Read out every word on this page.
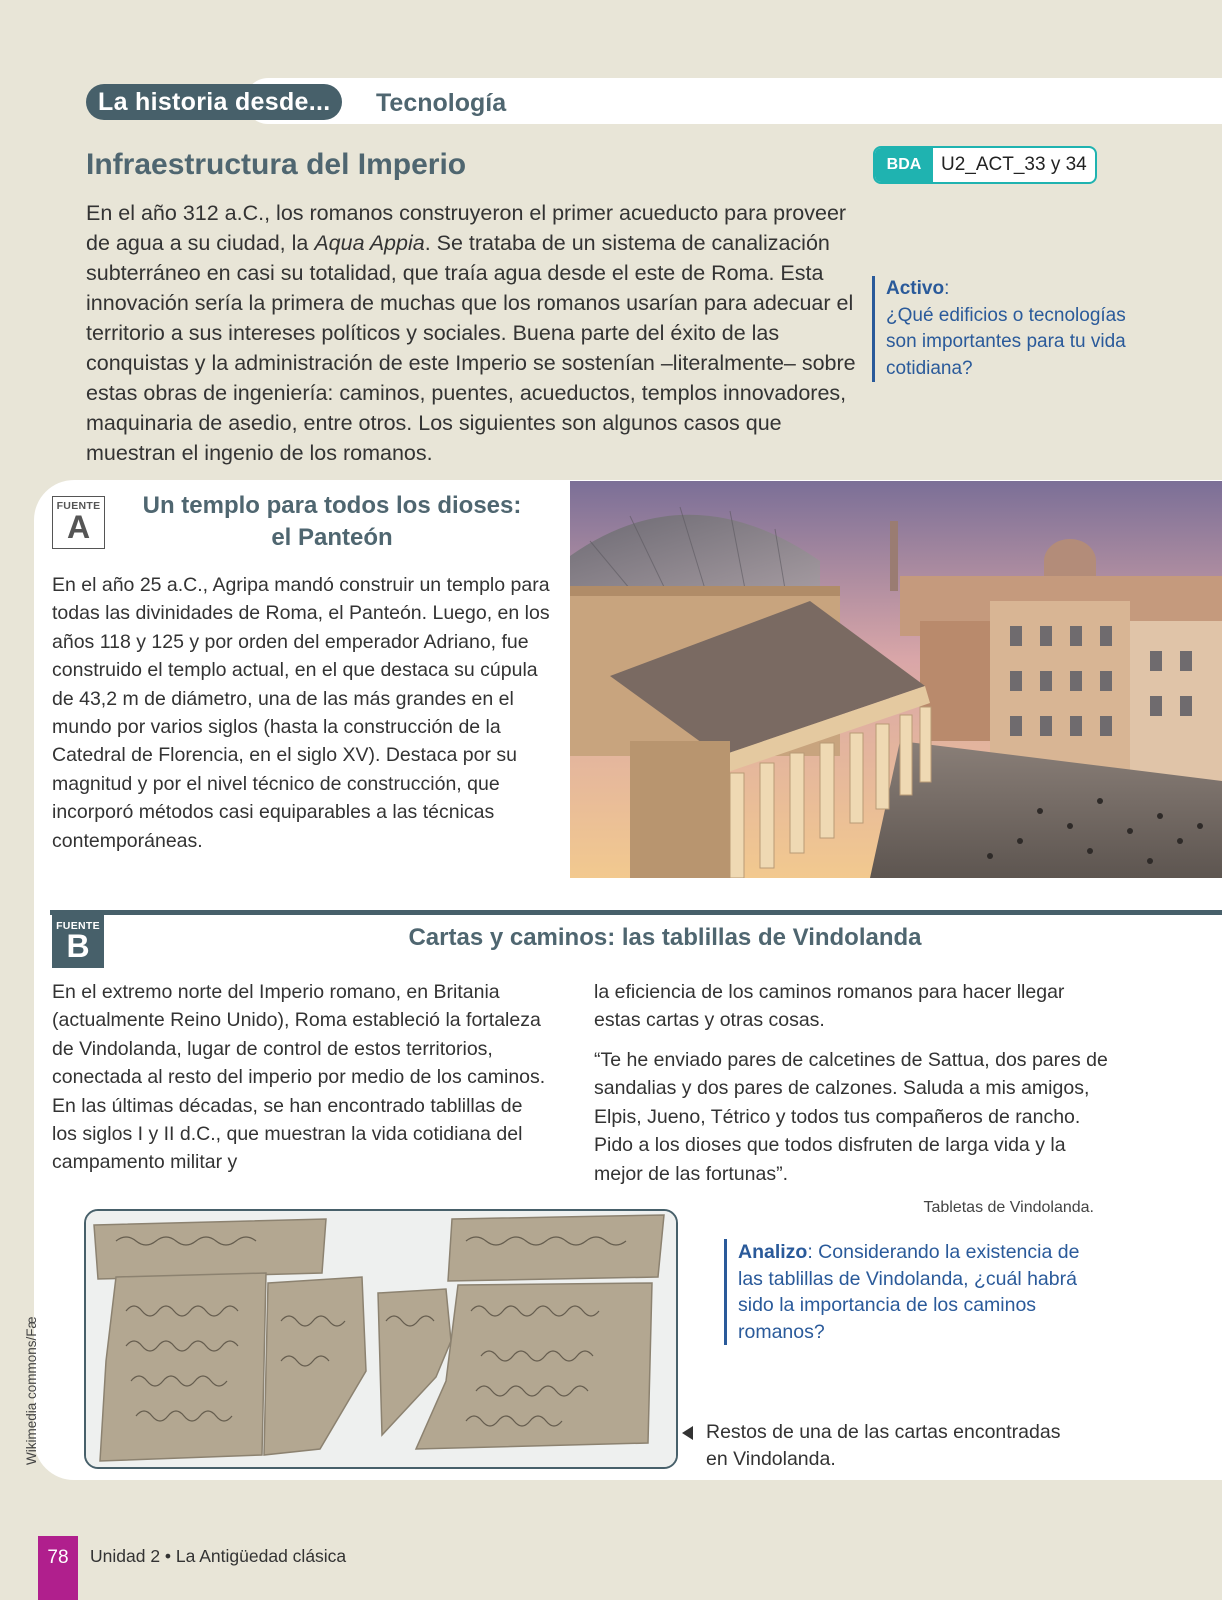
La historia desde...	Tecnología
Infraestructura del Imperio

En el año 312 a.C., los romanos construyeron el primer acueducto para proveer de agua a su ciudad, la Aqua Appia. Se trataba de un sistema de canalización subterráneo en casi su totalidad, que traía agua desde el este de Roma. Esta innovación sería la primera de muchas que los romanos usarían para adecuar el territorio a sus intereses políticos y sociales. Buena parte del éxito de las conquistas y la administración de este Imperio se sostenían –literalmente– sobre estas obras de ingeniería: caminos, puentes, acueductos, templos innovadores, maquinaria de asedio, entre otros. Los siguientes son algunos casos que muestran el ingenio de los romanos.

BDA	U2_ACT_33 y 34
Activo:
¿Qué edificios o tecnologías son importantes para tu vida cotidiana?
FUENTE
A
Un templo para todos los dioses:
el Panteón

En el año 25 a.C., Agripa mandó construir un templo para todas las divinidades de Roma, el Panteón. Luego, en los años 118 y 125 y por orden del emperador Adriano, fue construido el templo actual, en el que destaca su cúpula de 43,2 m de diámetro, una de las más grandes en el mundo por varios siglos (hasta la construcción de la Catedral de Florencia, en el siglo XV). Destaca por su magnitud y por el nivel técnico de construcción, que incorporó métodos casi equiparables a las técnicas contemporáneas.

FUENTE
B	Cartas y caminos: las tablillas de Vindolanda

En el extremo norte del Imperio romano, en Britania (actualmente Reino Unido), Roma estableció la fortaleza de Vindolanda, lugar de control de estos territorios, conectada al resto del imperio por medio de los caminos. En las últimas décadas, se han encontrado tablillas de los siglos I y II d.C., que muestran la vida cotidiana del campamento militar y

la eficiencia de los caminos romanos para hacer llegar estas cartas y otras cosas.

“Te he enviado pares de calcetines de Sattua, dos pares de sandalias y dos pares de calzones. Saluda a mis amigos, Elpis, Jueno, Tétrico y todos tus compañeros de rancho. Pido a los dioses que todos disfruten de larga vida y la mejor de las fortunas”.

Tabletas de Vindolanda.
Wikimedia commons/Fæ
Analizo: Considerando la existencia de las tablillas de Vindolanda, ¿cuál habrá sido la importancia de los caminos romanos?
Restos de una de las cartas encontradas en Vindolanda.
78	Unidad 2 • La Antigüedad clásica
